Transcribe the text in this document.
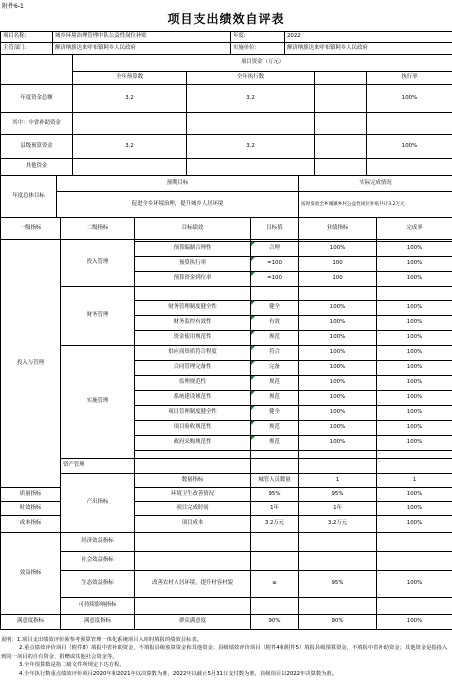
附件6-1
项目支出绩效自评表
项目名称:	城乡环境治理管理中队公益性岗位补贴	年度:	2022
主管部门:	额济纳旗达来呼布镇阿乡人民政府	实施单位:	额济纳旗达来呼布镇阿乡人民政府
	项目资金（万元）			
	全年预算数	全年执行数		执行率
年度资金总额	3.2	3.2		100%
其中：中省补助资金				
县级预算资金	3.2	3.2		100%
其他资金				
年度总体目标	预期目标	实际完成情况
	促进全乡环境治理，提升城乡人居环境	按时发放全乡城镇乡村公益性岗位补贴共计3.2万元
一级指标	二级指标	目标绩效	目标值	业绩指标	完成率	
投入与管理	投入管理					
		预算编制合理性	合理	100%	100%	
		预算执行率	=100	100	100%	
		预算资金到位率	=100	100	100%	
	财务管理					
		财务管理制度健全性	健全	100%	100%	
		财务监控有效性	有效	100%	100%	
		资金使用规范性	规范	100%	100%	
	实施管理	供应商资质符合程度	符合	100%	100%	
		合同管理完备性	完备	100%	100%	
		监理规范性	规范	100%	100%	
		系统建设规范性	规范	100%	100%	
		项目管理制度健全性	健全	100%	100%	
		项目验收规范性	规范	100%	100%	
		政府采购规范性	规范	100%	100%	

	资产管理					
	产出指标	数量指标	城管人员数量	1	1	
质量指标		环境卫生改善情况	95%	95%	100%	
时效指标		项目完成时间	1年	1年	100%	
成本指标		项目成本	3.2万元	3.2万元	100%	
效益指标	经济效益指标					
	社会效益指标					
	生态效益指标	改善农村人居环境，提升村容村貌	≥	95%	100%	
	可持续影响指标					
满意度指标	满意度指标	群众满意度	90%	90%	100%	
说明：1.项目支出绩效评价须参考预算管理一体化系统项目入库时填报的绩效目标表。
2.重点绩效评价项目（附件8）填报中省补助资金，不填报县级预算资金和其他资金；县级绩效评价项目（附件4和附件5）填报县级预算资金，不填报中省补助资金；其他资金是指投入到同一项目的自有资金、捐赠或其他社会资金等。
3.全年预算数是指二级文件所规定下达方程。
4.全年执行数重点绩效评价项目2020年和2021年以决算数为准，2022年以截止5月31日支付数为准，县级项目以2022年决算数为准。
